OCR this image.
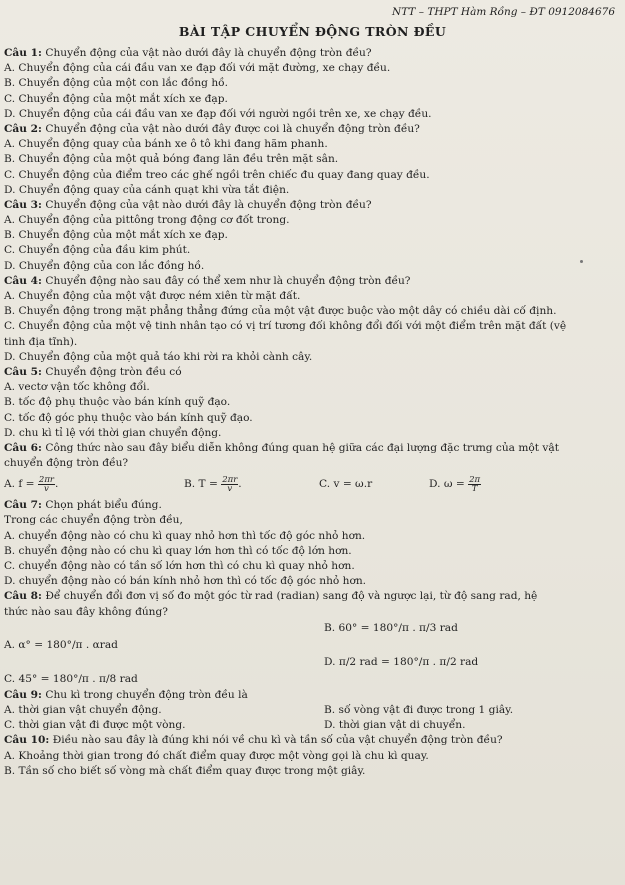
NTT – THPT Hàm Rồng – ĐT 0912084676
BÀI TẬP CHUYỂN ĐỘNG TRÒN ĐỀU
Câu 1: Chuyển động của vật nào dưới đây là chuyển động tròn đều?
A. Chuyển động của cái đầu van xe đạp đối với mặt đường, xe chạy đều.
B. Chuyển động của một con lắc đồng hồ.
C. Chuyển động của một mắt xích xe đạp.
D. Chuyển động của cái đầu van xe đạp đối với người ngồi trên xe, xe chạy đều.
Câu 2: Chuyển động của vật nào dưới đây được coi là chuyển động tròn đều?
A. Chuyển động quay của bánh xe ô tô khi đang hãm phanh.
B. Chuyển động của một quả bóng đang lăn đều trên mặt sân.
C. Chuyển động của điểm treo các ghế ngồi trên chiếc đu quay đang quay đều.
D. Chuyển động quay của cánh quạt khi vừa tắt điện.
Câu 3: Chuyển động của vật nào dưới đây là chuyển động tròn đều?
A. Chuyển động của pittông trong động cơ đốt trong.
B. Chuyển động của một mắt xích xe đạp.
C. Chuyển động của đầu kim phút.
D. Chuyển động của con lắc đồng hồ.
Câu 4: Chuyển động nào sau đây có thể xem như là chuyển động tròn đều?
A. Chuyển động của một vật được ném xiên từ mặt đất.
B. Chuyển động trong mặt phẳng thẳng đứng của một vật được buộc vào một dây có chiều dài cố định.
C. Chuyển động của một vệ tinh nhân tạo có vị trí tương đối không đổi đối với một điểm trên mặt đất (vệ
tinh địa tĩnh).
D. Chuyển động của một quả táo khi rời ra khỏi cành cây.
Câu 5: Chuyển động tròn đều có
A. vectơ vận tốc không đổi.
B. tốc độ phụ thuộc vào bán kính quỹ đạo.
C. tốc độ góc phụ thuộc vào bán kính quỹ đạo.
D. chu kì tỉ lệ với thời gian chuyển động.
Câu 6: Công thức nào sau đây biểu diễn không đúng quan hệ giữa các đại lượng đặc trưng của một vật
chuyển động tròn đều?
A. $f = \frac{2\pi r}{v}$ .	B. $T = \frac{2\pi r}{v}$ .	C. v = ω.r	D. $\omega = \frac{2\pi}{T}$
Câu 7: Chọn phát biểu đúng.
Trong các chuyển động tròn đều,
A. chuyển động nào có chu kì quay nhỏ hơn thì tốc độ góc nhỏ hơn.
B. chuyển động nào có chu kì quay lớn hơn thì có tốc độ lớn hơn.
C. chuyển động nào có tần số lớn hơn thì có chu kì quay nhỏ hơn.
D. chuyển động nào có bán kính nhỏ hơn thì có tốc độ góc nhỏ hơn.
Câu 8: Để chuyển đổi đơn vị số đo một góc từ rad (radian) sang độ và ngược lại, từ độ sang rad, hệ
thức nào sau đây không đúng?
B. 60° = 180°/π . π/3 rad
A. α° = 180°/π . αrad
D. π/2 rad = 180°/π . π/2 rad
C. 45° = 180°/π . π/8 rad
Câu 9: Chu kì trong chuyển động tròn đều là
A. thời gian vật chuyển động.	B. số vòng vật đi được trong 1 giây.
C. thời gian vật đi được một vòng.	D. thời gian vật di chuyển.
Câu 10: Điều nào sau đây là đúng khi nói về chu kì và tần số của vật chuyển động tròn đều?
A. Khoảng thời gian trong đó chất điểm quay được một vòng gọi là chu kì quay.
B. Tần số cho biết số vòng mà chất điểm quay được trong một giây.
